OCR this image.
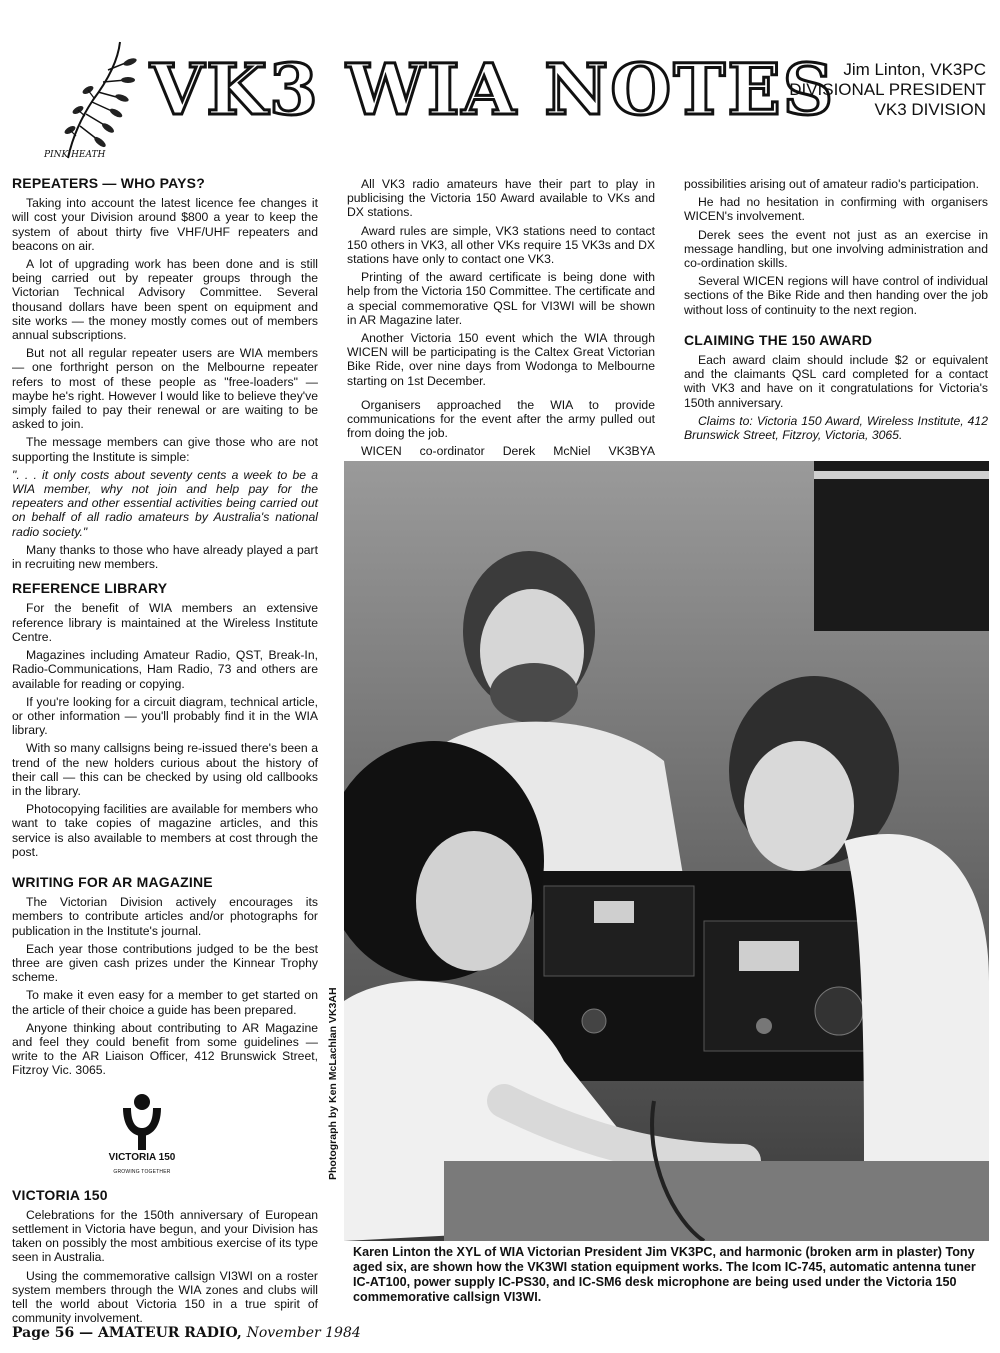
PINK HEATH
VK3 WIA NOTES Jim Linton, VK3PC
DIVISIONAL PRESIDENT
VK3 DIVISION
REPEATERS — WHO PAYS?

Taking into account the latest licence fee changes it will cost your Division around $800 a year to keep the system of about thirty five VHF/UHF repeaters and beacons on air.

A lot of upgrading work has been done and is still being carried out by repeater groups through the Victorian Technical Advisory Committee. Several thousand dollars have been spent on equipment and site works — the money mostly comes out of members annual subscriptions.

But not all regular repeater users are WIA members — one forthright person on the Melbourne repeater refers to most of these people as "free-loaders" — maybe he's right. However I would like to believe they've simply failed to pay their renewal or are waiting to be asked to join.

The message members can give those who are not supporting the Institute is simple:

". . . it only costs about seventy cents a week to be a WIA member, why not join and help pay for the repeaters and other essential activities being carried out on behalf of all radio amateurs by Australia's national radio society."

Many thanks to those who have already played a part in recruiting new members.

REFERENCE LIBRARY

For the benefit of WIA members an extensive reference library is maintained at the Wireless Institute Centre.

Magazines including Amateur Radio, QST, Break-In, Radio-Communications, Ham Radio, 73 and others are available for reading or copying.

If you're looking for a circuit diagram, technical article, or other information — you'll probably find it in the WIA library.

With so many callsigns being re-issued there's been a trend of the new holders curious about the history of their call — this can be checked by using old callbooks in the library.

Photocopying facilities are available for members who want to take copies of magazine articles, and this service is also available to members at cost through the post.

WRITING FOR AR MAGAZINE

The Victorian Division actively encourages its members to contribute articles and/or photographs for publication in the Institute's journal.

Each year those contributions judged to be the best three are given cash prizes under the Kinnear Trophy scheme.

To make it even easy for a member to get started on the article of their choice a guide has been prepared.

Anyone thinking about contributing to AR Magazine and feel they could benefit from some guidelines — write to the AR Liaison Officer, 412 Brunswick Street, Fitzroy Vic. 3065.

VICTORIA 150
GROWING TOGETHER
VICTORIA 150

Celebrations for the 150th anniversary of European settlement in Victoria have begun, and your Division has taken on possibly the most ambitious exercise of its type seen in Australia.

Using the commemorative callsign VI3WI on a roster system members through the WIA zones and clubs will tell the world about Victoria 150 in a true spirit of community involvement.

All VK3 radio amateurs have their part to play in publicising the Victoria 150 Award available to VKs and DX stations.

Award rules are simple, VK3 stations need to contact 150 others in VK3, all other VKs require 15 VK3s and DX stations have only to contact one VK3.

Printing of the award certificate is being done with help from the Victoria 150 Committee. The certificate and a special commemorative QSL for VI3WI will be shown in AR Magazine later.

Another Victoria 150 event which the WIA through WICEN will be participating is the Caltex Great Victorian Bike Ride, over nine days from Wodonga to Melbourne starting on 1st December.

Organisers approached the WIA to provide communications for the event after the army pulled out from doing the job.

WICEN co-ordinator Derek McNiel VK3BYA

possibilities arising out of amateur radio's participation.

He had no hesitation in confirming with organisers WICEN's involvement.

Derek sees the event not just as an exercise in message handling, but one involving administration and co-ordination skills.

Several WICEN regions will have control of individual sections of the Bike Ride and then handing over the job without loss of continuity to the next region.

CLAIMING THE 150 AWARD

Each award claim should include $2 or equivalent and the claimants QSL card completed for a contact with VK3 and have on it congratulations for Victoria's 150th anniversary.

Claims to: Victoria 150 Award, Wireless Institute, 412 Brunswick Street, Fitzroy, Victoria, 3065.

Photograph by Ken McLachlan VK3AH
Karen Linton the XYL of WIA Victorian President Jim VK3PC, and harmonic (broken arm in plaster) Tony aged six, are shown how the VK3WI station equipment works. The Icom IC-745, automatic antenna tuner IC-AT100, power supply IC-PS30, and IC-SM6 desk microphone are being used under the Victoria 150 commemorative callsign VI3WI.
Page 56 — AMATEUR RADIO, November 1984
